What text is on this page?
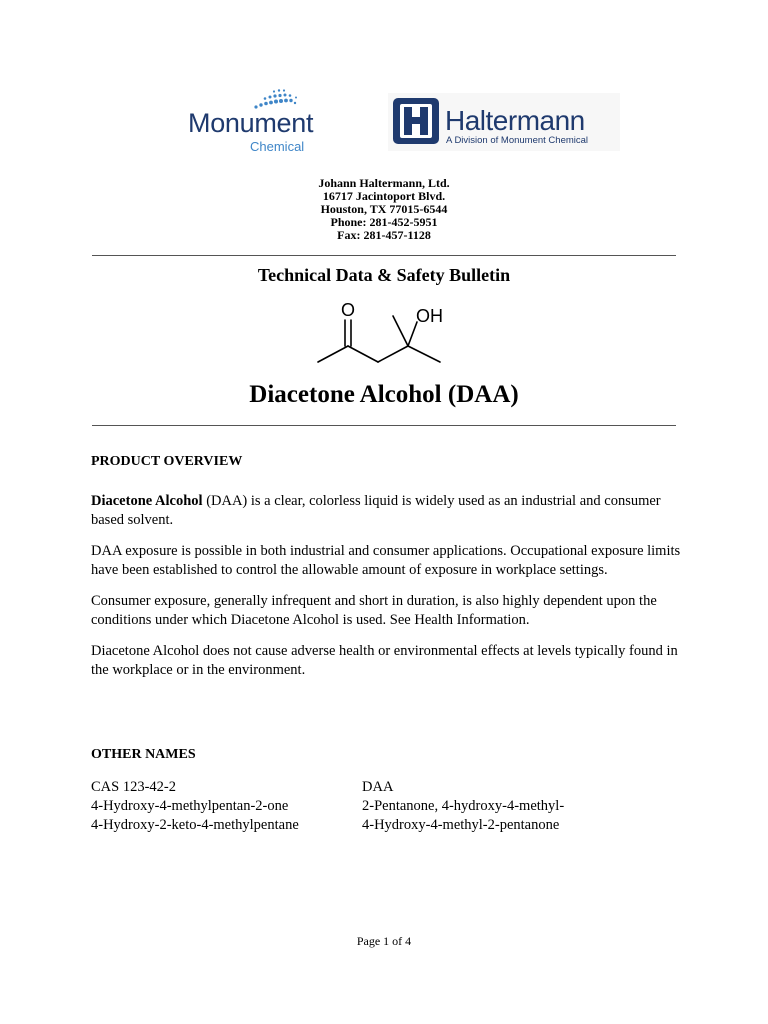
Monument
Chemical
Haltermann
A Division of Monument Chemical
Johann Haltermann, Ltd.
16717 Jacintoport Blvd.
Houston, TX 77015-6544
Phone: 281-452-5951
Fax: 281-457-1128
Technical Data & Safety Bulletin
O	OH
Diacetone Alcohol (DAA)
PRODUCT OVERVIEW

Diacetone Alcohol (DAA) is a clear, colorless liquid is widely used as an industrial and consumer based solvent.

DAA exposure is possible in both industrial and consumer applications. Occupational exposure limits have been established to control the allowable amount of exposure in workplace settings.

Consumer exposure, generally infrequent and short in duration, is also highly dependent upon the conditions under which Diacetone Alcohol is used. See Health Information.

Diacetone Alcohol does not cause adverse health or environmental effects at levels typically found in the workplace or in the environment.

OTHER NAMES
CAS 123-42-2
4-Hydroxy-4-methylpentan-2-one
4-Hydroxy-2-keto-4-methylpentane
DAA
2-Pentanone, 4-hydroxy-4-methyl-
4-Hydroxy-4-methyl-2-pentanone
Page 1 of 4
